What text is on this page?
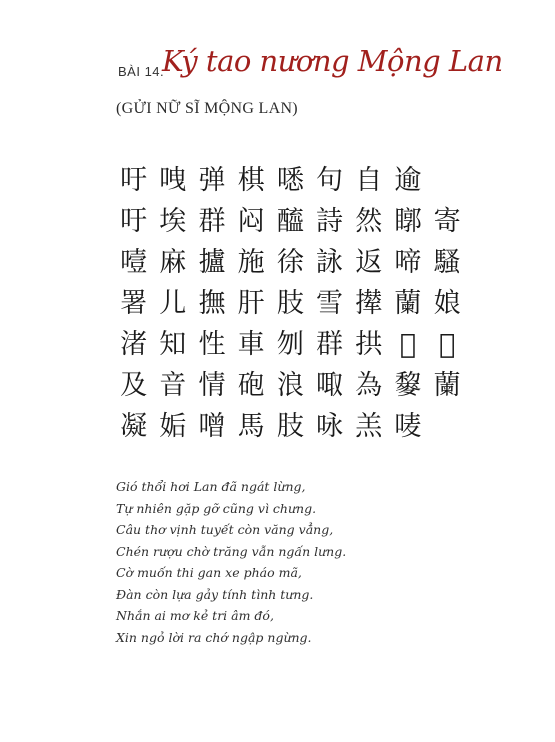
BÀI 14.
Ký tao nương Mộng Lan
(GỬI NỮ SĨ MỘNG LAN)
吁 㖂 弹 棋 㗭 句 自 逾
吁 埃 群 闷 醯 詩 然 䁨 寄
噎 麻 攎 施 徐 詠 返 啼 騷
署 儿 撫 肝 肢 雪 撵 蘭 娘
渚 知 性 車 刎 群 拱 𠃝 𠑬
及 音 情 砲 浪 㖩 為 䴻 蘭
凝 姤 噌 馬 肢 咏 羔 唛
Gió thổi hơi Lan đã ngát lừng,
Tự nhiên gặp gỡ cũng vì chưng.
Câu thơ vịnh tuyết còn văng vẳng,
Chén rượu chờ trăng vẫn ngấn lưng.
Cờ muốn thi gan xe pháo mã,
Đàn còn lựa gảy tính tình tưng.
Nhắn ai mơ kẻ tri âm đó,
Xin ngỏ lời ra chớ ngập ngừng.
